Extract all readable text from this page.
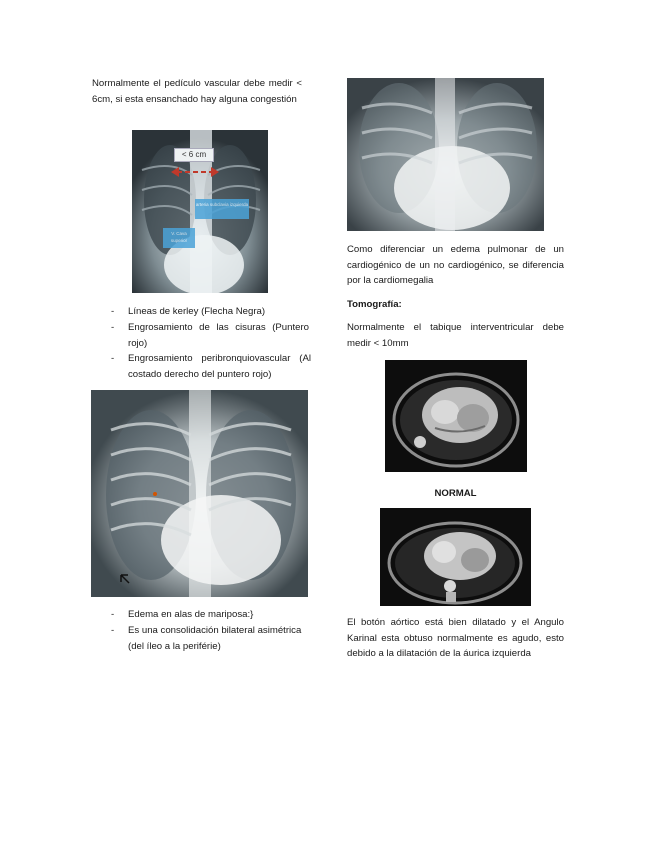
Normalmente el pedículo vascular debe medir < 6cm, si esta ensanchado hay alguna congestión
< 6 cm
arteria subclavia izquierda
V. Cava superior
- Líneas de kerley (Flecha Negra)
- Engrosamiento de las cisuras (Puntero rojo)
- Engrosamiento peribronquiovascular (Al costado derecho del puntero rojo)
- Edema en alas de mariposa:}
- Es una consolidación bilateral asimétrica (del íleo a la periférie)
Como diferenciar un edema pulmonar de un cardiogénico de un no cardiogénico, se diferencia por la cardiomegalia
Tomografía:
Normalmente el tabique interventricular debe medir < 10mm
NORMAL
El botón aórtico está bien dilatado y el Angulo Karinal esta obtuso normalmente es agudo, esto debido a la dilatación de la áurica izquierda
